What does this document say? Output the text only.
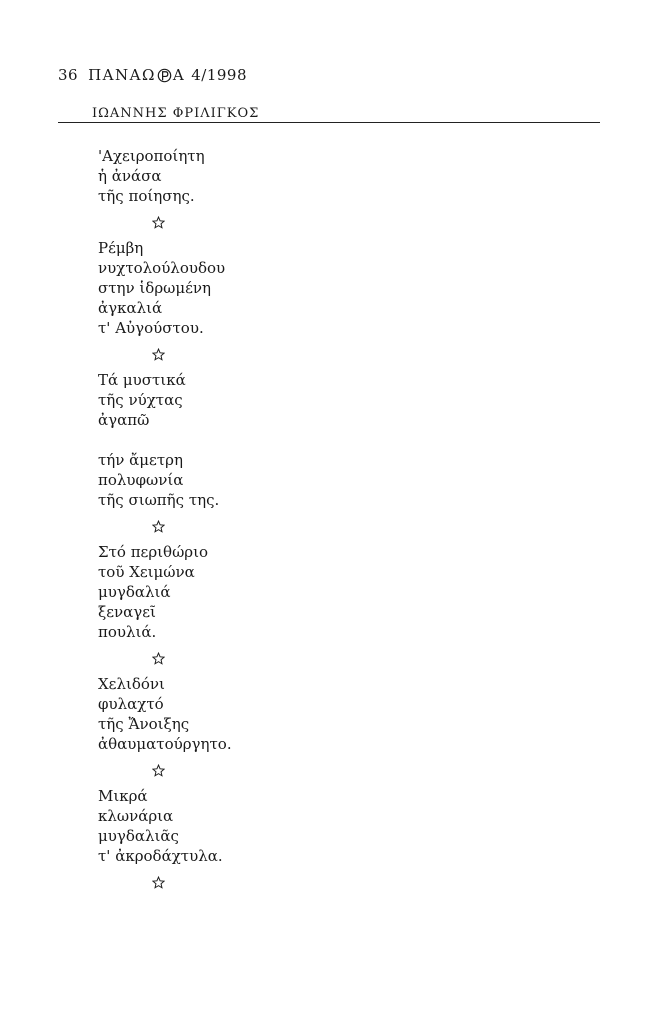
36 ΠΑΝΑΩ Α 4/1998
ΙΩΑΝΝΗΣ ΦΡΙΛΙΓΚΟΣ
'Αχειροποίητη
ἡ ἀνάσα
τῆς ποίησης.
Ρέμβη
νυχτολούλουδου
στην ἱδρωμένη
ἀγκαλιά
τ' Αὐγούστου.
Τά μυστικά
τῆς νύχτας
ἀγαπῶ
τήν ἄμετρη
πολυφωνία
τῆς σιωπῆς της.
Στό περιθώριο
τοῦ Χειμώνα
μυγδαλιά
ξεναγεῖ
πουλιά.
Χελιδόνι
φυλαχτό
τῆς Ἄνοιξης
ἀθαυματούργητο.
Μικρά
κλωνάρια
μυγδαλιᾶς
τ' ἀκροδάχτυλα.
